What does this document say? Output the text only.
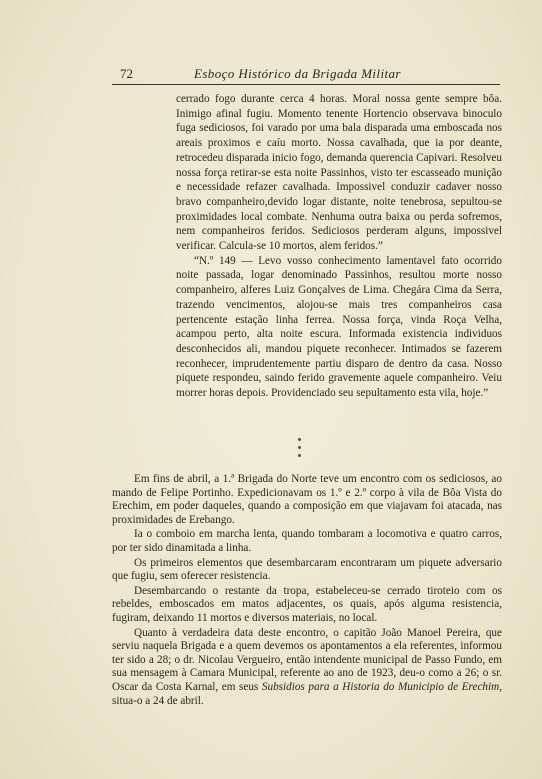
72	Esboço Histórico da Brigada Militar

cerrado fogo durante cerca 4 horas. Moral nossa gente sempre bôa. Inimigo afinal fugiu. Momento tenente Hortencio observava binoculo fuga sediciosos, foi varado por uma bala disparada uma emboscada nos areais proximos e caíu morto. Nossa cavalhada, que ia por deante, retrocedeu disparada inicio fogo, demanda querencia Capivari. Resolveu nossa força retirar-se esta noite Passinhos, visto ter escasseado munição e necessidade refazer cavalhada. Impossivel conduzir cadaver nosso bravo companheiro,devido logar distante, noite tenebrosa, sepultou-se proximidades local combate. Nenhuma outra baixa ou perda sofremos, nem companheiros feridos. Sediciosos perderam alguns, impossivel verificar. Calcula-se 10 mortos, alem feridos.”

“N.º 149 — Levo vosso conhecimento lamentavel fato ocorrido noite passada, logar denominado Passinhos, resultou morte nosso companheiro, alferes Luiz Gonçalves de Lima. Chegára Cima da Serra, trazendo vencimentos, alojou-se mais tres companheiros casa pertencente estação linha ferrea. Nossa força, vinda Roça Velha, acampou perto, alta noite escura. Informada existencia individuos desconhecidos ali, mandou piquete reconhecer. Intimados se fazerem reconhecer, imprudentemente partiu disparo de dentro da casa. Nosso piquete respondeu, saindo ferido gravemente aquele companheiro. Veiu morrer horas depois. Providenciado seu sepultamento esta vila, hoje.”

Em fins de abril, a 1.ª Brigada do Norte teve um encontro com os sediciosos, ao mando de Felipe Portinho. Expedicionavam os 1.º e 2.º corpo à vila de Bôa Vista do Erechim, em poder daqueles, quando a composição em que viajavam foi atacada, nas proximidades de Erebango.

Ia o comboio em marcha lenta, quando tombaram a locomotiva e quatro carros, por ter sido dinamitada a linha.

Os primeiros elementos que desembarcaram encontraram um piquete adversario que fugiu, sem oferecer resistencia.

Desembarcando o restante da tropa, estabeleceu-se cerrado tiroteio com os rebeldes, emboscados em matos adjacentes, os quais, após alguma resistencia, fugiram, deixando 11 mortos e diversos materiais, no local.

Quanto à verdadeira data deste encontro, o capitão João Manoel Pereira, que serviu naquela Brigada e a quem devemos os apontamentos a ela referentes, informou ter sido a 28; o dr. Nicolau Vergueiro, então intendente municipal de Passo Fundo, em sua mensagem à Camara Municipal, referente ao ano de 1923, deu-o como a 26; o sr. Oscar da Costa Karnal, em seus Subsidios para a Historia do Municipio de Erechim, situa-o a 24 de abril.
